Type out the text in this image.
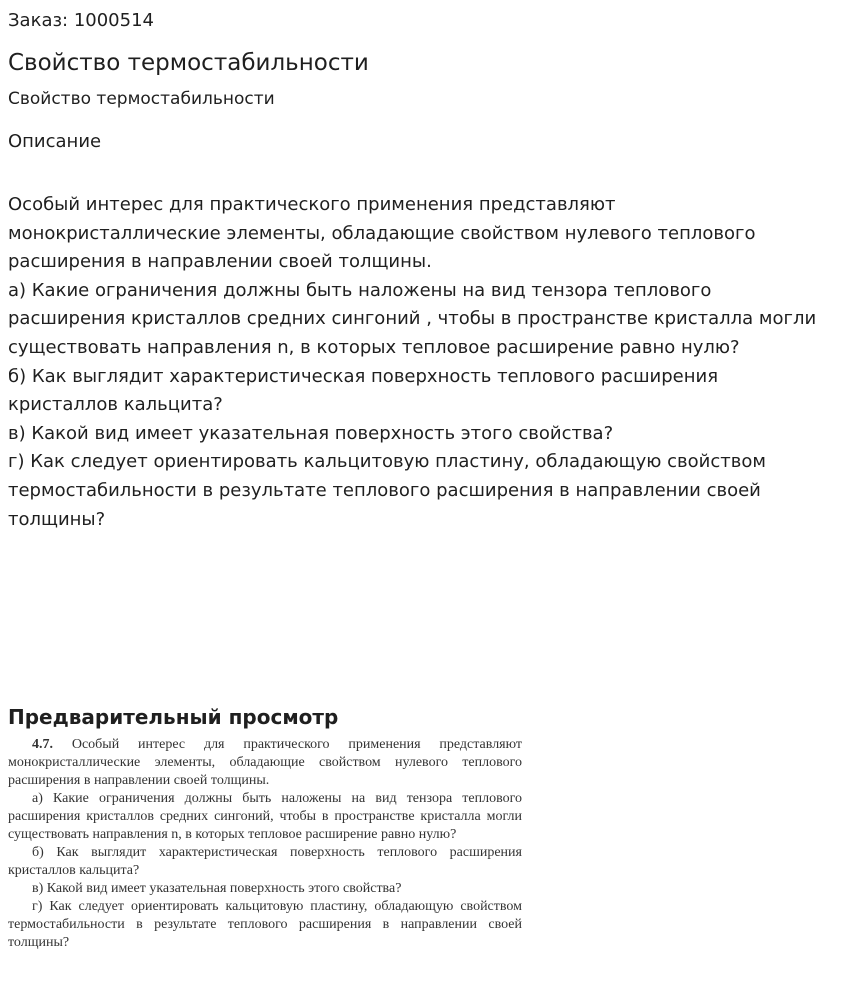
Заказ: 1000514
Свойство термостабильности
Свойство термостабильности
Описание

Особый интерес для практического применения представляют монокристаллические элементы, обладающие свойством нулевого теплового расширения в направлении своей толщины.

а) Какие ограничения должны быть наложены на вид тензора теплового расширения кристаллов средних сингоний , чтобы в пространстве кристалла могли существовать направления n, в которых тепловое расширение равно нулю?

б) Как выглядит характеристическая поверхность теплового расширения кристаллов кальцита?

в) Какой вид имеет указательная поверхность этого свойства?

г) Как следует ориентировать кальцитовую пластину, обладающую свойством термостабильности в результате теплового расширения в направлении своей толщины?

Предварительный просмотр

4.7. Особый интерес для практического применения представляют монокристаллические элементы, обладающие свойством нулевого теплового расширения в направлении своей толщины.

а) Какие ограничения должны быть наложены на вид тензора теплового расширения кристаллов средних сингоний, чтобы в пространстве кристалла могли существовать направления n, в которых тепловое расширение равно нулю?

б) Как выглядит характеристическая поверхность теплового расширения кристаллов кальцита?

в) Какой вид имеет указательная поверхность этого свойства?

г) Как следует ориентировать кальцитовую пластину, обладающую свойством термостабильности в результате теплового расширения в направлении своей толщины?
